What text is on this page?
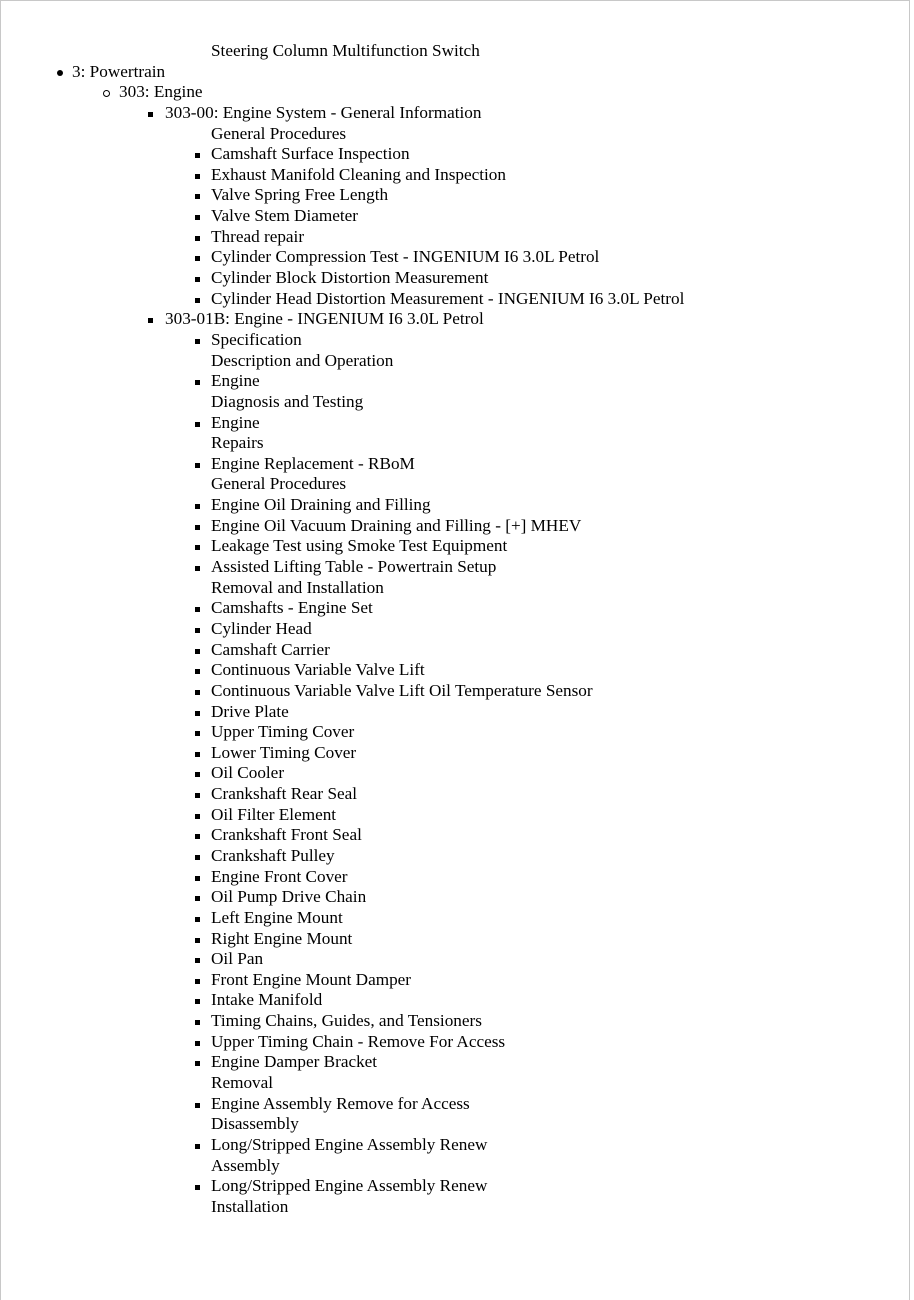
Steering Column Multifunction Switch
3: Powertrain
303: Engine
303-00: Engine System - General Information
General Procedures
Camshaft Surface Inspection
Exhaust Manifold Cleaning and Inspection
Valve Spring Free Length
Valve Stem Diameter
Thread repair
Cylinder Compression Test - INGENIUM I6 3.0L Petrol
Cylinder Block Distortion Measurement
Cylinder Head Distortion Measurement - INGENIUM I6 3.0L Petrol
303-01B: Engine - INGENIUM I6 3.0L Petrol
Specification
Description and Operation
Engine
Diagnosis and Testing
Engine
Repairs
Engine Replacement - RBoM
General Procedures
Engine Oil Draining and Filling
Engine Oil Vacuum Draining and Filling - [+] MHEV
Leakage Test using Smoke Test Equipment
Assisted Lifting Table - Powertrain Setup
Removal and Installation
Camshafts - Engine Set
Cylinder Head
Camshaft Carrier
Continuous Variable Valve Lift
Continuous Variable Valve Lift Oil Temperature Sensor
Drive Plate
Upper Timing Cover
Lower Timing Cover
Oil Cooler
Crankshaft Rear Seal
Oil Filter Element
Crankshaft Front Seal
Crankshaft Pulley
Engine Front Cover
Oil Pump Drive Chain
Left Engine Mount
Right Engine Mount
Oil Pan
Front Engine Mount Damper
Intake Manifold
Timing Chains, Guides, and Tensioners
Upper Timing Chain - Remove For Access
Engine Damper Bracket
Removal
Engine Assembly Remove for Access
Disassembly
Long/Stripped Engine Assembly Renew
Assembly
Long/Stripped Engine Assembly Renew
Installation
